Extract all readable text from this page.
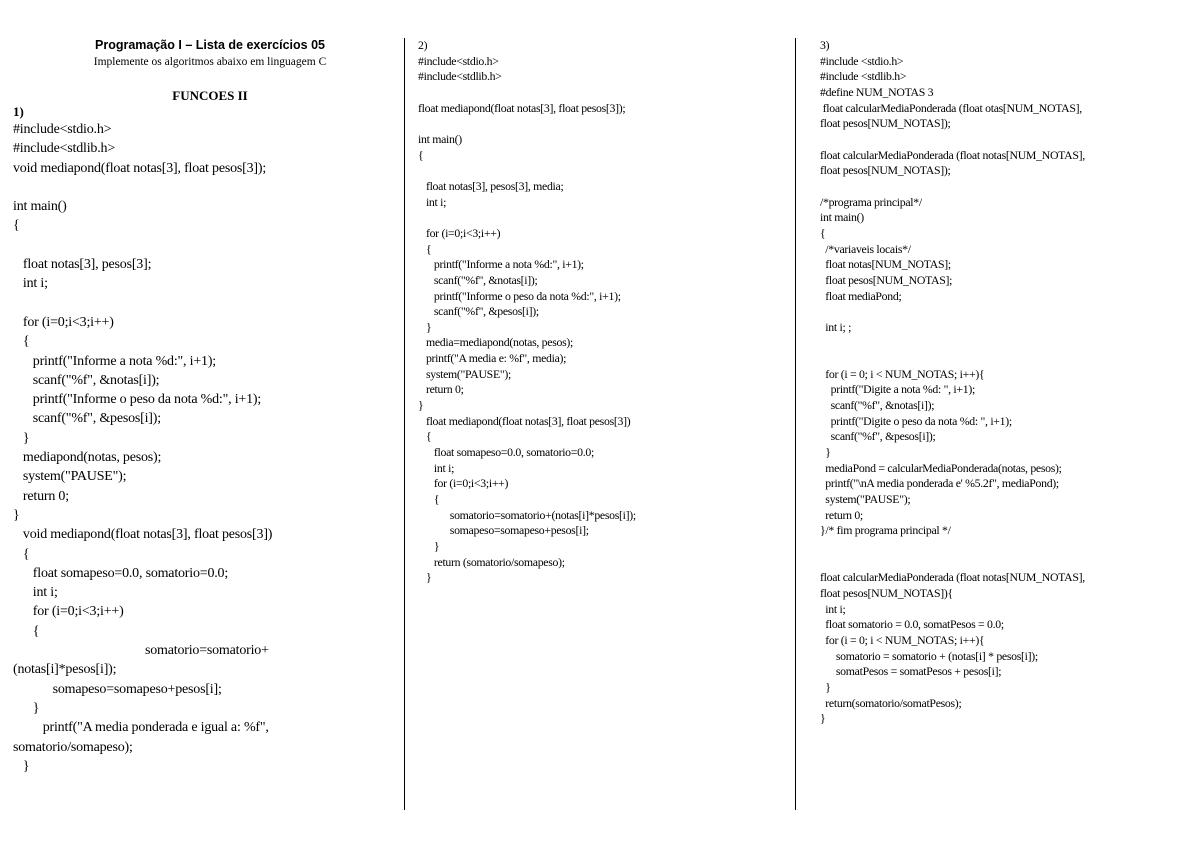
Programação I – Lista de exercícios 05
Implemente os algoritmos abaixo em linguagem C
FUNCOES II
1)
#include<stdio.h>
#include<stdlib.h>
void mediapond(float notas[3], float pesos[3]);

int main()
{

float notas[3], pesos[3];
int i;

for (i=0;i<3;i++)
{
printf("Informe a nota %d:", i+1);
scanf("%f", &notas[i]);
printf("Informe o peso da nota %d:", i+1);
scanf("%f", &pesos[i]);
}
mediapond(notas, pesos);
system("PAUSE");
return 0;
}
void mediapond(float notas[3], float pesos[3])
{
float somapeso=0.0, somatorio=0.0;
int i;
for (i=0;i<3;i++)
{
somatorio=somatorio+
(notas[i]*pesos[i]);
somapeso=somapeso+pesos[i];
}
printf("A media ponderada e igual a: %f",
somatorio/somapeso);
}
2)
#include<stdio.h>
#include<stdlib.h>

float mediapond(float notas[3], float pesos[3]);

int main()
{

float notas[3], pesos[3], media;
int i;

for (i=0;i<3;i++)
{
printf("Informe a nota %d:", i+1);
scanf("%f", &notas[i]);
printf("Informe o peso da nota %d:", i+1);
scanf("%f", &pesos[i]);
}
media=mediapond(notas, pesos);
printf("A media e: %f", media);
system("PAUSE");
return 0;
}
float mediapond(float notas[3], float pesos[3])
{
float somapeso=0.0, somatorio=0.0;
int i;
for (i=0;i<3;i++)
{
somatorio=somatorio+(notas[i]*pesos[i]);
somapeso=somapeso+pesos[i];
}
return (somatorio/somapeso);
}
3)
#include <stdio.h>
#include <stdlib.h>
#define NUM_NOTAS 3
float calcularMediaPonderada (float otas[NUM_NOTAS],
float pesos[NUM_NOTAS]);

float calcularMediaPonderada (float notas[NUM_NOTAS],
float pesos[NUM_NOTAS]);

/*programa principal*/
int main()
{
/*variaveis locais*/
float notas[NUM_NOTAS];
float pesos[NUM_NOTAS];
float mediaPond;

int i; ;

for (i = 0; i < NUM_NOTAS; i++){
printf("Digite a nota %d: ", i+1);
scanf("%f", &notas[i]);
printf("Digite o peso da nota %d: ", i+1);
scanf("%f", &pesos[i]);
}
mediaPond = calcularMediaPonderada(notas, pesos);
printf("\nA media ponderada e' %5.2f", mediaPond);
system("PAUSE");
return 0;
}/* fim programa principal */

float calcularMediaPonderada (float notas[NUM_NOTAS],
float pesos[NUM_NOTAS]){
int i;
float somatorio = 0.0, somatPesos = 0.0;
for (i = 0; i < NUM_NOTAS; i++){
somatorio = somatorio + (notas[i] * pesos[i]);
somatPesos = somatPesos + pesos[i];
}
return(somatorio/somatPesos);
}
